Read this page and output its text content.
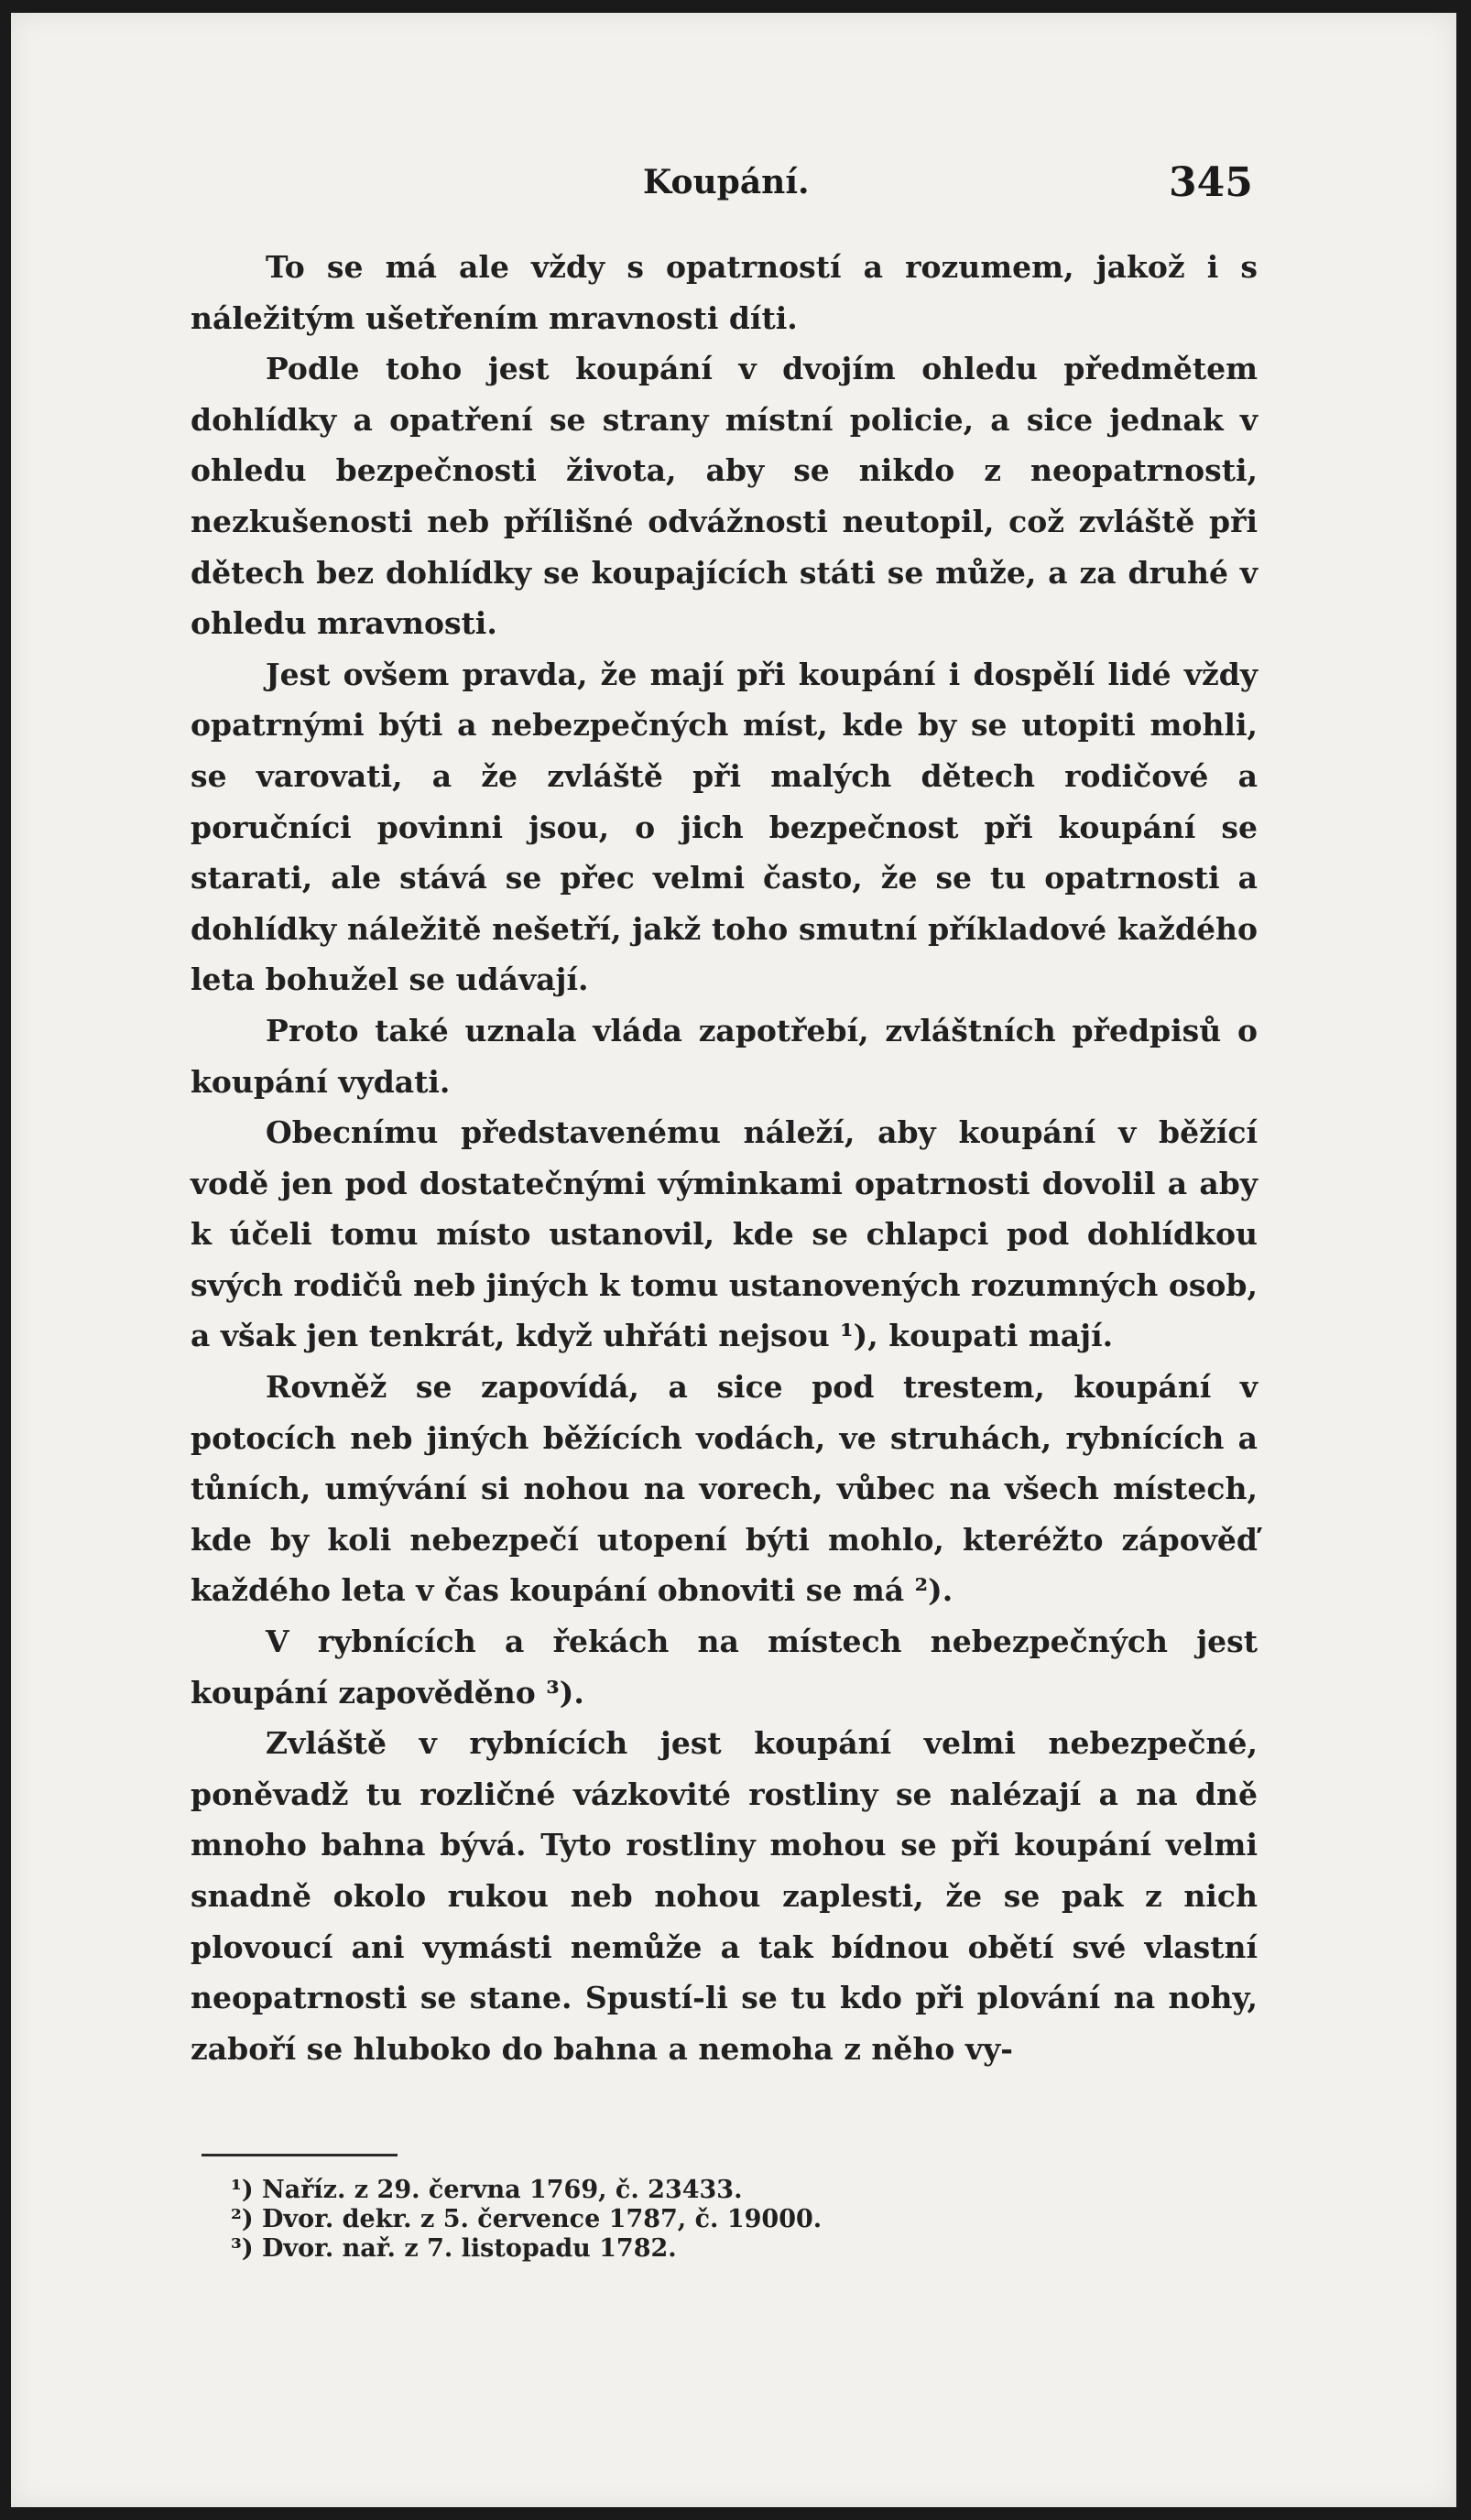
Koupání.	345

To se má ale vždy s opatrností a rozumem, jakož i s náležitým ušetřením mravnosti díti.

Podle toho jest koupání v dvojím ohledu předmětem dohlídky a opatření se strany místní policie, a sice jednak v ohledu bezpečnosti života, aby se nikdo z neopatrnosti, nezkušenosti neb přílišné odvážnosti neutopil, což zvláště při dětech bez dohlídky se koupajících státi se může, a za druhé v ohledu mravnosti.

Jest ovšem pravda, že mají při koupání i dospělí lidé vždy opatrnými býti a nebezpečných míst, kde by se utopiti mohli, se varovati, a že zvláště při malých dětech rodičové a poručníci povinni jsou, o jich bezpečnost při koupání se starati, ale stává se přec velmi často, že se tu opatrnosti a dohlídky náležitě nešetří, jakž toho smutní příkladové každého leta bohužel se udávají.

Proto také uznala vláda zapotřebí, zvláštních předpisů o koupání vydati.

Obecnímu představenému náleží, aby koupání v běžící vodě jen pod dostatečnými výminkami opatrnosti dovolil a aby k účeli tomu místo ustanovil, kde se chlapci pod dohlídkou svých rodičů neb jiných k tomu ustanovených rozumných osob, a však jen tenkrát, když uhřáti nejsou ¹), koupati mají.

Rovněž se zapovídá, a sice pod trestem, koupání v potocích neb jiných běžících vodách, ve struhách, rybnících a tůních, umývání si nohou na vorech, vůbec na všech místech, kde by koli nebezpečí utopení býti mohlo, kteréžto zápověď každého leta v čas koupání obnoviti se má ²).

V rybnících a řekách na místech nebezpečných jest koupání zapověděno ³).

Zvláště v rybnících jest koupání velmi nebezpečné, poněvadž tu rozličné vázkovité rostliny se nalézají a na dně mnoho bahna bývá. Tyto rostliny mohou se při koupání velmi snadně okolo rukou neb nohou zaplesti, že se pak z nich plovoucí ani vymásti nemůže a tak bídnou obětí své vlastní neopatrnosti se stane. Spustí-li se tu kdo při plování na nohy, zaboří se hluboko do bahna a nemoha z něho vy-

¹) Naříz. z 29. června 1769, č. 23433.

²) Dvor. dekr. z 5. července 1787, č. 19000.

³) Dvor. nař. z 7. listopadu 1782.
